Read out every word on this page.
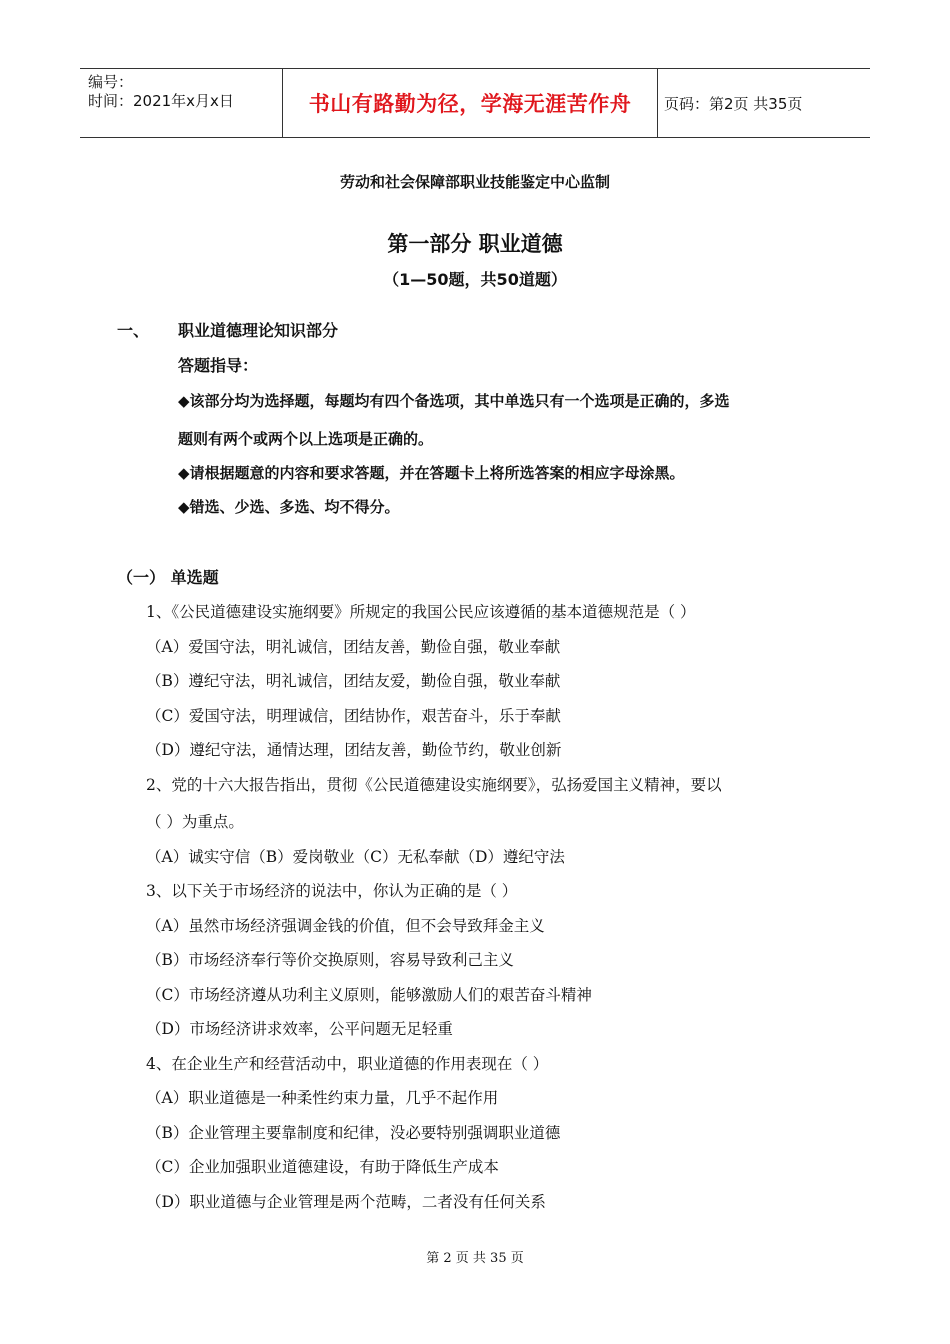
编号：
时间：2021年x月x日	书山有路勤为径，学海无涯苦作舟	页码：第2页 共35页
劳动和社会保障部职业技能鉴定中心监制
第一部分 职业道德
（1—50题，共50道题）
一、 职业道德理论知识部分
答题指导：
◆该部分均为选择题，每题均有四个备选项，其中单选只有一个选项是正确的，多选
题则有两个或两个以上选项是正确的。
◆请根据题意的内容和要求答题，并在答题卡上将所选答案的相应字母涂黑。
◆错选、少选、多选、均不得分。
（一） 单选题
1、《公民道德建设实施纲要》所规定的我国公民应该遵循的基本道德规范是（ ）
（A）爱国守法，明礼诚信，团结友善，勤俭自强，敬业奉献
（B）遵纪守法，明礼诚信，团结友爱，勤俭自强，敬业奉献
（C）爱国守法，明理诚信，团结协作，艰苦奋斗，乐于奉献
（D）遵纪守法，通情达理，团结友善，勤俭节约，敬业创新
2、党的十六大报告指出，贯彻《公民道德建设实施纲要》，弘扬爱国主义精神，要以
（ ）为重点。
（A）诚实守信（B）爱岗敬业（C）无私奉献（D）遵纪守法
3、以下关于市场经济的说法中，你认为正确的是（ ）
（A）虽然市场经济强调金钱的价值，但不会导致拜金主义
（B）市场经济奉行等价交换原则，容易导致利己主义
（C）市场经济遵从功利主义原则，能够激励人们的艰苦奋斗精神
（D）市场经济讲求效率，公平问题无足轻重
4、在企业生产和经营活动中，职业道德的作用表现在（ ）
（A）职业道德是一种柔性约束力量，几乎不起作用
（B）企业管理主要靠制度和纪律，没必要特别强调职业道德
（C）企业加强职业道德建设，有助于降低生产成本
（D）职业道德与企业管理是两个范畴，二者没有任何关系
第 2 页 共 35 页
